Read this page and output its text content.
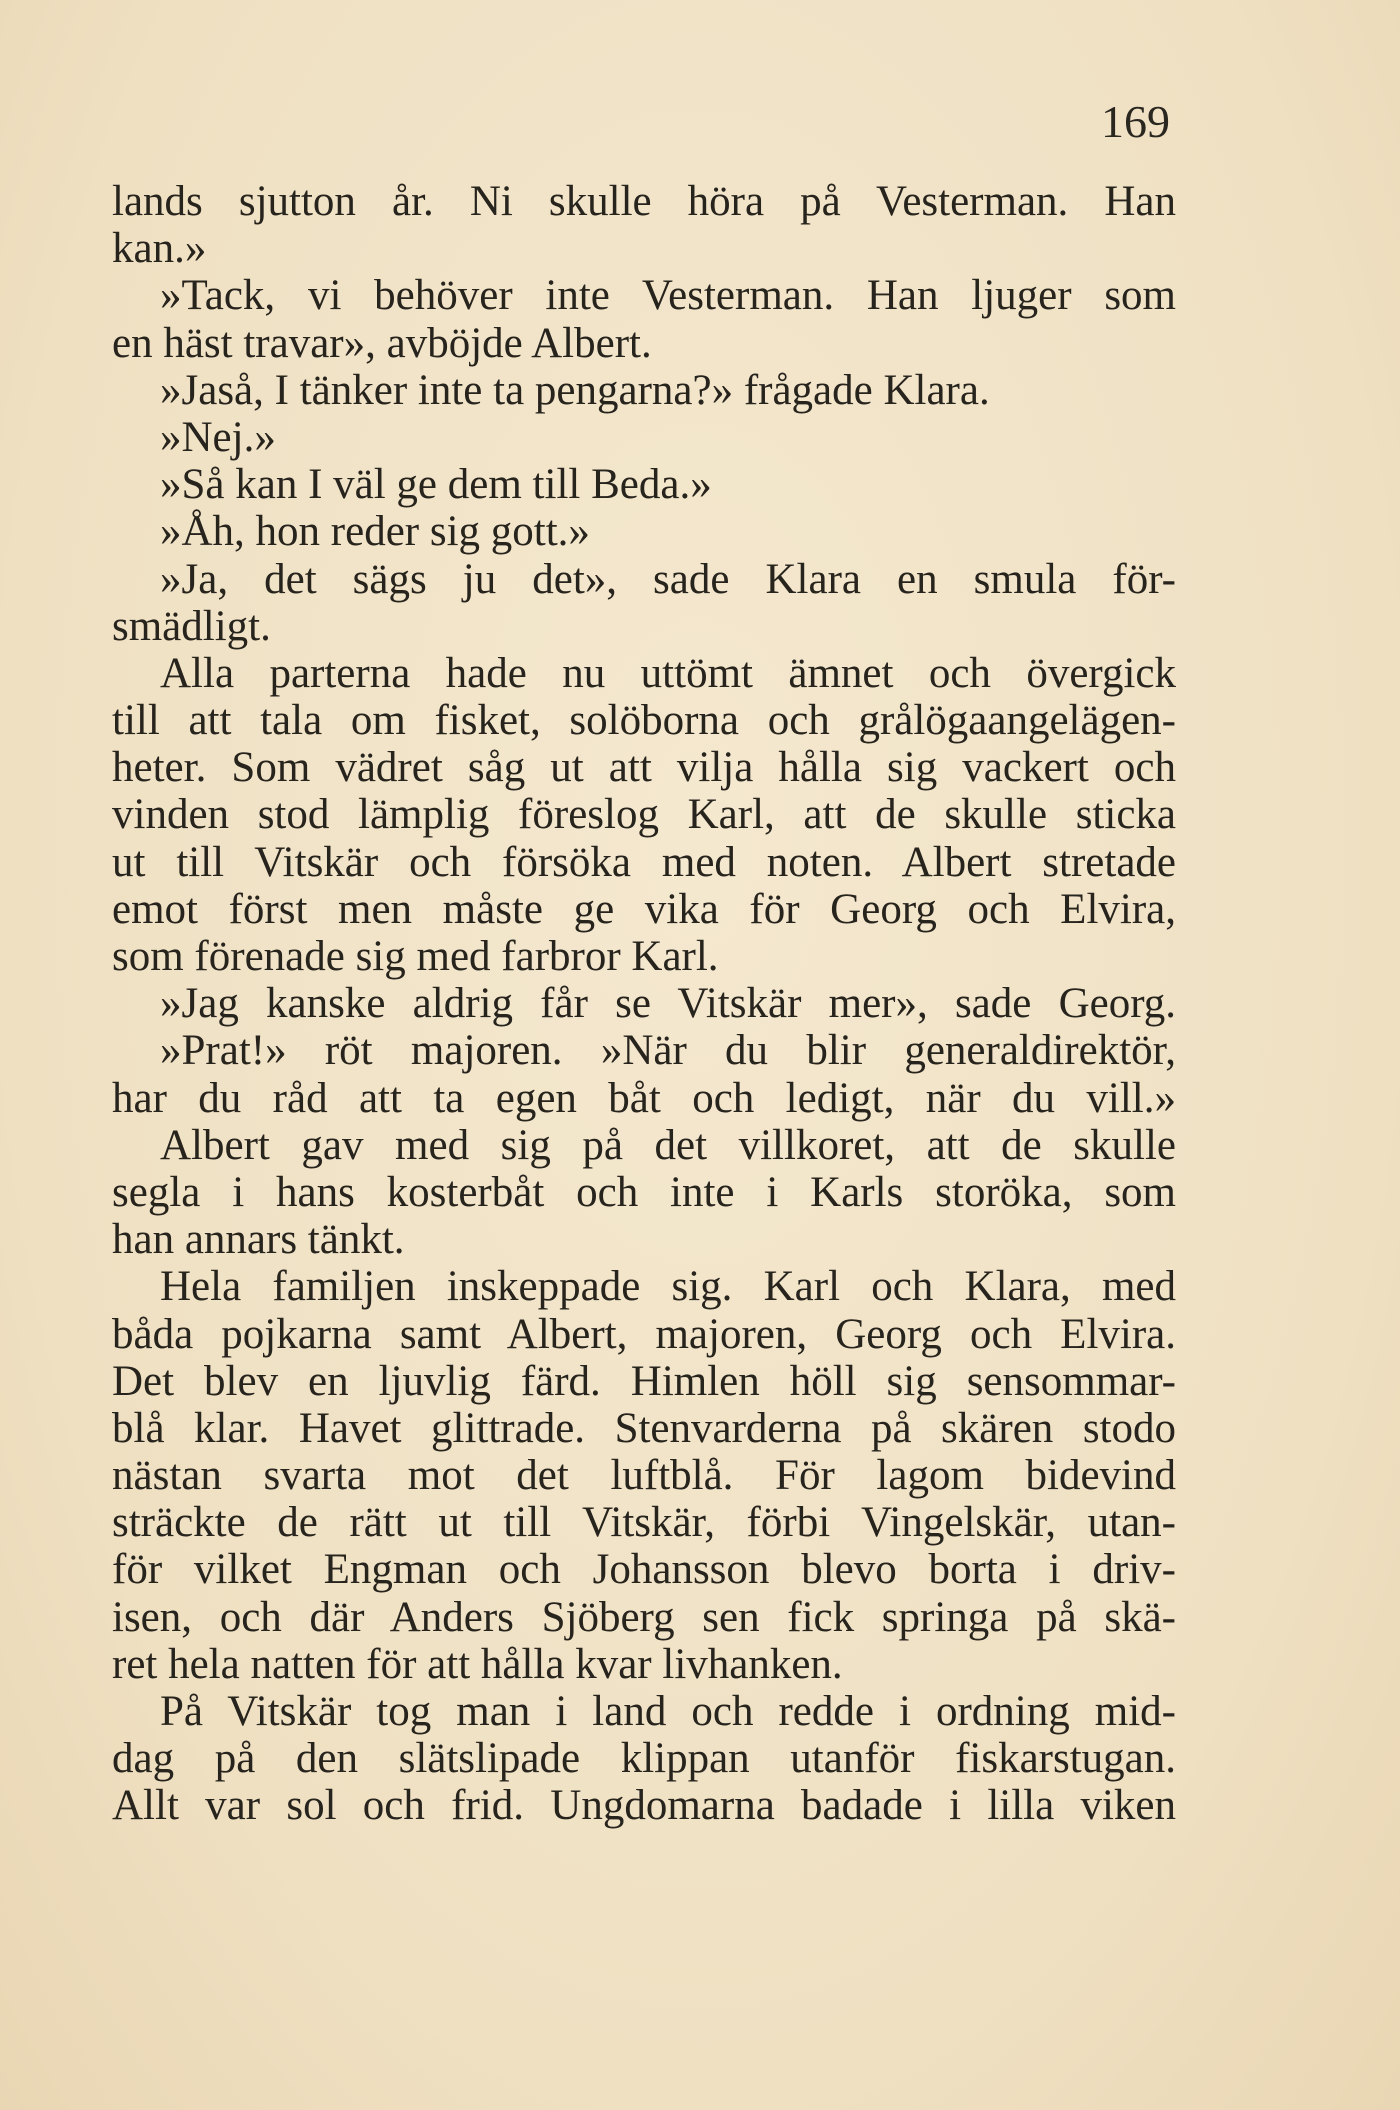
169
lands sjutton år. Ni skulle höra på Vesterman. Han
kan.»
»Tack, vi behöver inte Vesterman. Han ljuger som
en häst travar», avböjde Albert.
»Jaså, I tänker inte ta pengarna?» frågade Klara.
»Nej.»
»Så kan I väl ge dem till Beda.»
»Åh, hon reder sig gott.»
»Ja, det sägs ju det», sade Klara en smula för-
smädligt.
Alla parterna hade nu uttömt ämnet och övergick
till att tala om fisket, solöborna och grålögaangelägen-
heter. Som vädret såg ut att vilja hålla sig vackert och
vinden stod lämplig föreslog Karl, att de skulle sticka
ut till Vitskär och försöka med noten. Albert stretade
emot först men måste ge vika för Georg och Elvira,
som förenade sig med farbror Karl.
»Jag kanske aldrig får se Vitskär mer», sade Georg.
»Prat!» röt majoren. »När du blir generaldirektör,
har du råd att ta egen båt och ledigt, när du vill.»
Albert gav med sig på det villkoret, att de skulle
segla i hans kosterbåt och inte i Karls storöka, som
han annars tänkt.
Hela familjen inskeppade sig. Karl och Klara, med
båda pojkarna samt Albert, majoren, Georg och Elvira.
Det blev en ljuvlig färd. Himlen höll sig sensommar-
blå klar. Havet glittrade. Stenvarderna på skären stodo
nästan svarta mot det luftblå. För lagom bidevind
sträckte de rätt ut till Vitskär, förbi Vingelskär, utan-
för vilket Engman och Johansson blevo borta i driv-
isen, och där Anders Sjöberg sen fick springa på skä-
ret hela natten för att hålla kvar livhanken.
På Vitskär tog man i land och redde i ordning mid-
dag på den slätslipade klippan utanför fiskarstugan.
Allt var sol och frid. Ungdomarna badade i lilla viken
